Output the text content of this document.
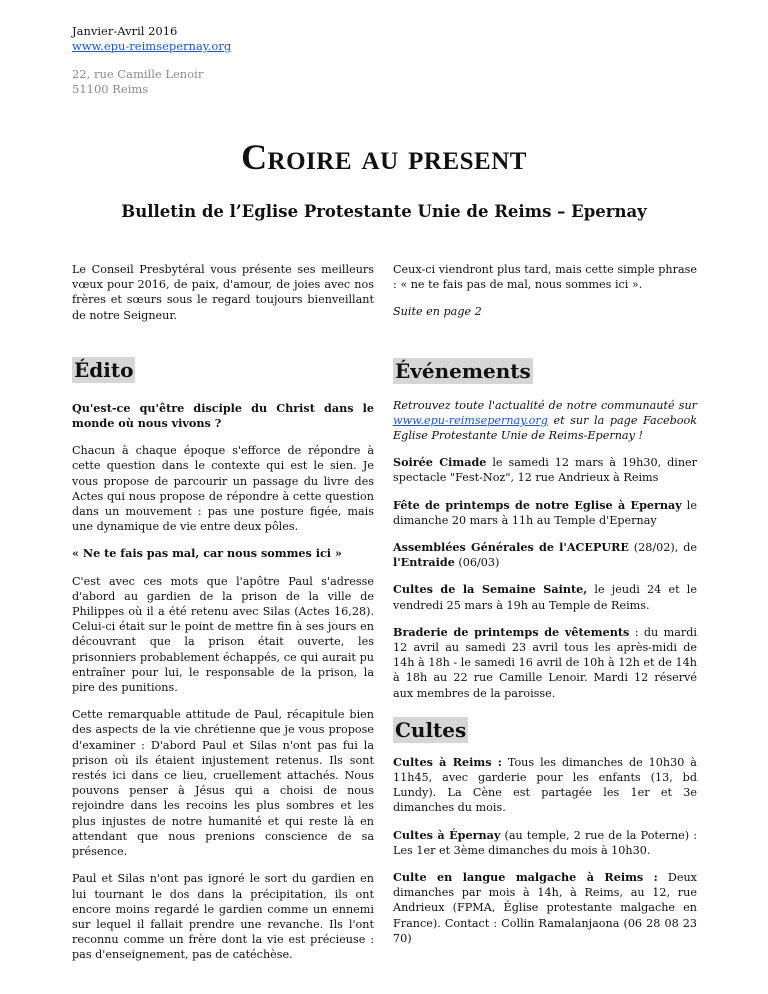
Janvier-Avril 2016
www.epu-reimsepernay.org
22, rue Camille Lenoir
51100 Reims
Croire au present
Bulletin de l’Eglise Protestante Unie de Reims – Epernay

Le Conseil Presbytéral vous présente ses meilleurs vœux pour 2016, de paix, d'amour, de joies avec nos frères et sœurs sous le regard toujours bienveillant de notre Seigneur.

Édito

Qu'est-ce qu'être disciple du Christ dans le monde où nous vivons ?

Chacun à chaque époque s'efforce de répondre à cette question dans le contexte qui est le sien. Je vous propose de parcourir un passage du livre des Actes qui nous propose de répondre à cette question dans un mouvement : pas une posture figée, mais une dynamique de vie entre deux pôles.

« Ne te fais pas mal, car nous sommes ici »

C'est avec ces mots que l'apôtre Paul s'adresse d'abord au gardien de la prison de la ville de Philippes où il a été retenu avec Silas (Actes 16,28). Celui-ci était sur le point de mettre fin à ses jours en découvrant que la prison était ouverte, les prisonniers probablement échappés, ce qui aurait pu entraîner pour lui, le responsable de la prison, la pire des punitions.

Cette remarquable attitude de Paul, récapitule bien des aspects de la vie chrétienne que je vous propose d'examiner : D'abord Paul et Silas n'ont pas fui la prison où ils étaient injustement retenus. Ils sont restés ici dans ce lieu, cruellement attachés. Nous pouvons penser à Jésus qui a choisi de nous rejoindre dans les recoins les plus sombres et les plus injustes de notre humanité et qui reste là en attendant que nous prenions conscience de sa présence.

Paul et Silas n'ont pas ignoré le sort du gardien en lui tournant le dos dans la précipitation, ils ont encore moins regardé le gardien comme un ennemi sur lequel il fallait prendre une revanche. Ils l'ont reconnu comme un frère dont la vie est précieuse : pas d'enseignement, pas de catéchèse.

Ceux-ci viendront plus tard, mais cette simple phrase : « ne te fais pas de mal, nous sommes ici ».

Suite en page 2

Événements

Retrouvez toute l'actualité de notre communauté sur www.epu-reimsepernay.org et sur la page Facebook Eglise Protestante Unie de Reims-Epernay !

Soirée Cimade le samedi 12 mars à 19h30, diner spectacle "Fest-Noz", 12 rue Andrieux à Reims

Fête de printemps de notre Eglise à Epernay le dimanche 20 mars à 11h au Temple d'Epernay

Assemblées Générales de l'ACEPURE (28/02), de l'Entraide (06/03)

Cultes de la Semaine Sainte, le jeudi 24 et le vendredi 25 mars à 19h au Temple de Reims.

Braderie de printemps de vêtements : du mardi 12 avril au samedi 23 avril tous les après-midi de 14h à 18h - le samedi 16 avril de 10h à 12h et de 14h à 18h au 22 rue Camille Lenoir. Mardi 12 réservé aux membres de la paroisse.

Cultes

Cultes à Reims : Tous les dimanches de 10h30 à 11h45, avec garderie pour les enfants (13, bd Lundy). La Cène est partagée les 1er et 3e dimanches du mois.

Cultes à Épernay (au temple, 2 rue de la Poterne) : Les 1er et 3ème dimanches du mois à 10h30.

Culte en langue malgache à Reims : Deux dimanches par mois à 14h, à Reims, au 12, rue Andrieux (FPMA, Église protestante malgache en France). Contact : Collin Ramalanjaona (06 28 08 23 70)
